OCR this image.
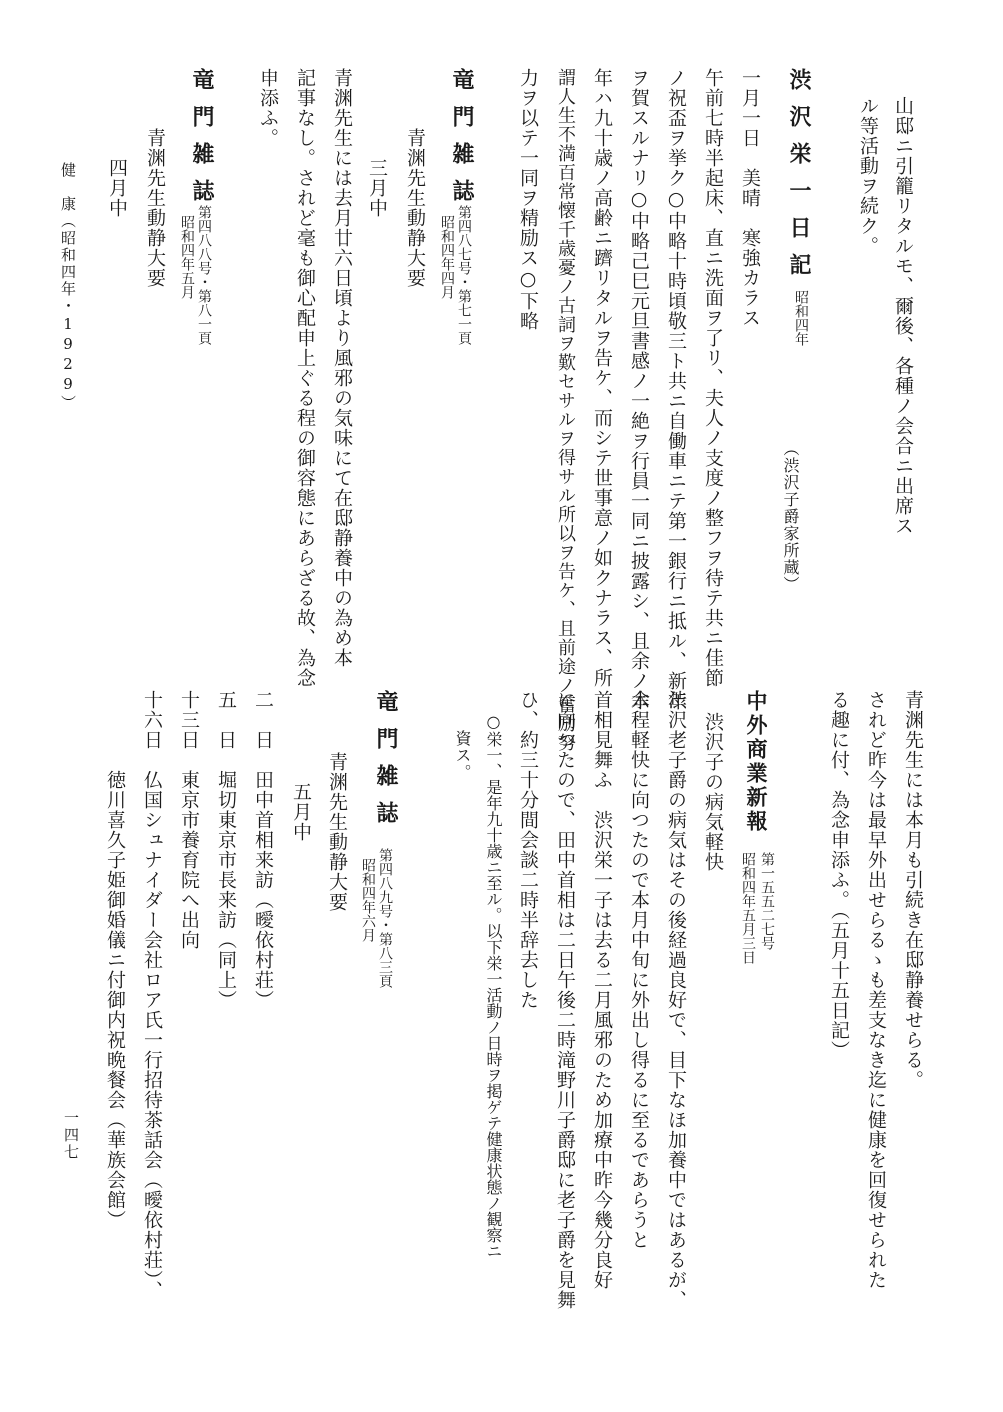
山邸ニ引籠リタルモ、爾後、各種ノ会合ニ出席ス
ル等活動ヲ続ク。
渋沢栄一日記
昭和四年
（渋沢子爵家所蔵）
一月一日　美晴　寒強カラス
午前七時半起床、直ニ洗面ヲ了リ、夫人ノ支度ノ整フヲ待テ共ニ佳節
ノ祝盃ヲ挙ク○中略十時頃敬三ト共ニ自働車ニテ第一銀行ニ抵ル、新年
ヲ賀スルナリ○中略己巳元旦書感ノ一絶ヲ行員一同ニ披露シ、且余ノ本
年ハ九十歳ノ高齢ニ躋リタルヲ告ケ、而シテ世事意ノ如クナラス、所
謂人生不満百常懐千歳憂ノ古詞ヲ歎セサルヲ得サル所以ヲ告ケ、且前途ノ奮励努
力ヲ以テ一同ヲ精励ス○下略
竜門雑誌
第四八七号・第七一頁
昭和四年四月
青渊先生動静大要
三月中
青渊先生には去月廿六日頃より風邪の気味にて在邸静養中の為め本
記事なし。されど毫も御心配申上ぐる程の御容態にあらざる故、為念
申添ふ。
竜門雑誌
第四八八号・第八一頁
昭和四年五月
青渊先生動静大要
四月中
青渊先生には本月も引続き在邸静養せらる。
されど昨今は最早外出せらるゝも差支なき迄に健康を回復せられた
る趣に付、為念申添ふ。（五月十五日記）
中外商業新報
第一五五二七号
昭和四年五月三日
渋沢子の病気軽快
渋沢老子爵の病気はその後経過良好で、目下なほ加養中ではあるが、
余程軽快に向つたので本月中旬に外出し得るに至るであらうと
首相見舞ふ　渋沢栄一子は去る二月風邪のため加療中昨今幾分良好
に向つたので、田中首相は二日午後二時滝野川子爵邸に老子爵を見舞
ひ、約三十分間会談二時半辞去した
○栄一、是年九十歳ニ至ル。以下栄一活動ノ日時ヲ掲ゲテ健康状態ノ観察ニ
資ス。
竜門雑誌
第四八九号・第八三頁
昭和四年六月
青渊先生動静大要
五月中
二　日　田中首相来訪（曖依村荘）
五　日　堀切東京市長来訪（同上）
十三日　東京市養育院へ出向
十六日　仏国シュナイダー会社ロア氏一行招待茶話会（曖依村荘）、
　　　　徳川喜久子姫御婚儀ニ付御内祝晩餐会（華族会館）
健　康（昭和四年・1929）
一四七
